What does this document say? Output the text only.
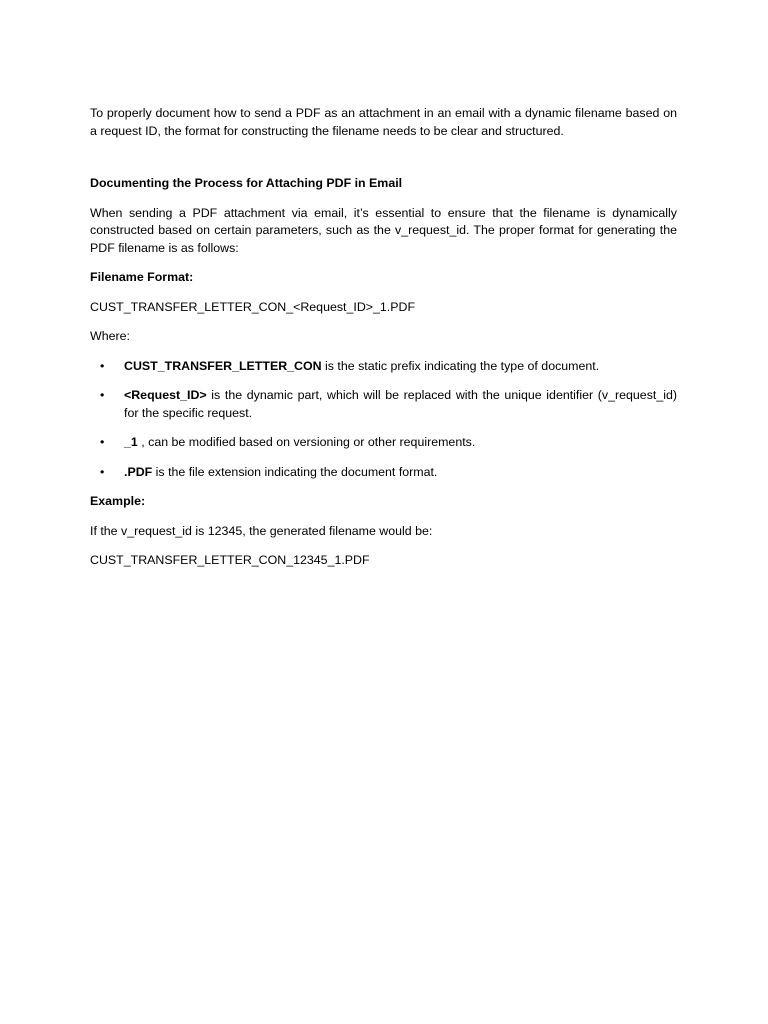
To properly document how to send a PDF as an attachment in an email with a dynamic filename based on a request ID, the format for constructing the filename needs to be clear and structured.

Documenting the Process for Attaching PDF in Email

When sending a PDF attachment via email, it’s essential to ensure that the filename is dynamically constructed based on certain parameters, such as the v_request_id. The proper format for generating the PDF filename is as follows:

Filename Format:

CUST_TRANSFER_LETTER_CON_<Request_ID>_1.PDF

Where:

• CUST_TRANSFER_LETTER_CON is the static prefix indicating the type of document.
• <Request_ID> is the dynamic part, which will be replaced with the unique identifier (v_request_id) for the specific request.
• _1 , can be modified based on versioning or other requirements.
• .PDF is the file extension indicating the document format.

Example:

If the v_request_id is 12345, the generated filename would be:

CUST_TRANSFER_LETTER_CON_12345_1.PDF
